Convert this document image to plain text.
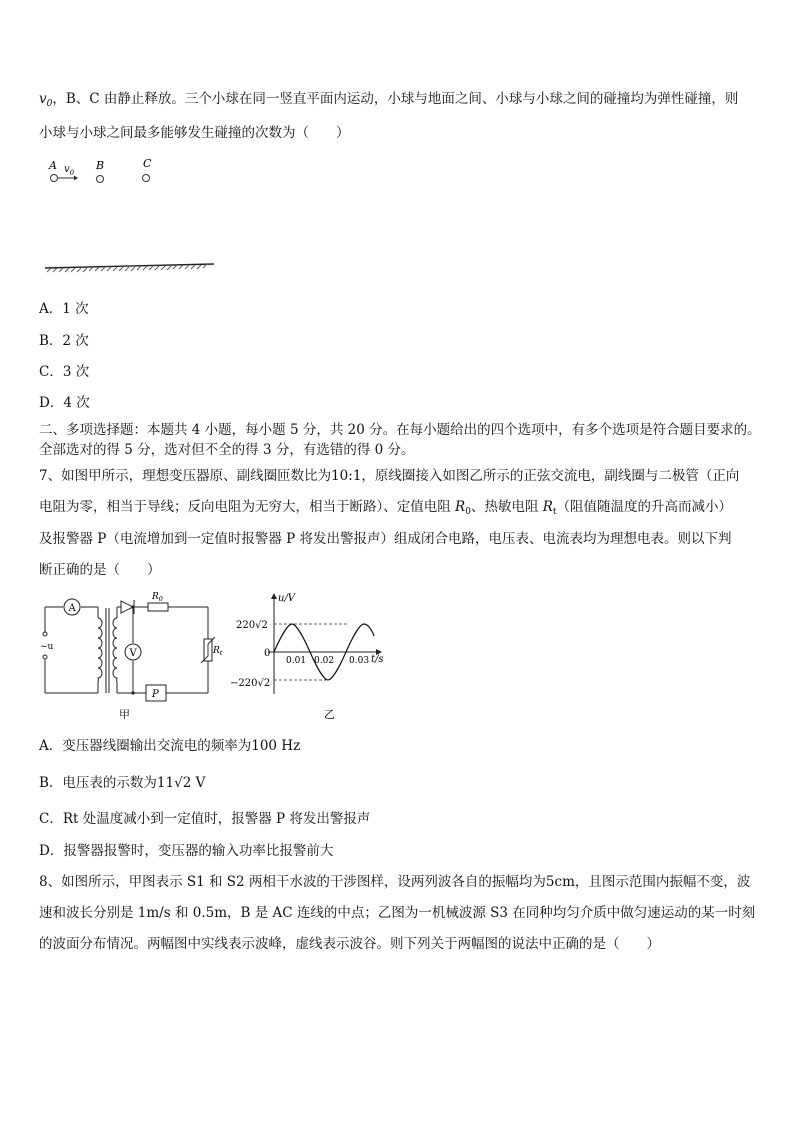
$v_0$，B、C 由静止释放。三个小球在同一竖直平面内运动，小球与地面之间、小球与小球之间的碰撞均为弹性碰撞，则
小球与小球之间最多能够发生碰撞的次数为（　　）
A $v_0$
B	C
A．1 次
B．2 次
C．3 次
D．4 次
二、多项选择题：本题共 4 小题，每小题 5 分，共 20 分。在每小题给出的四个选项中，有多个选项是符合题目要求的。
全部选对的得 5 分，选对但不全的得 3 分，有选错的得 0 分。
7、如图甲所示，理想变压器原、副线圈匝数比为10:1，原线圈接入如图乙所示的正弦交流电，副线圈与二极管（正向
电阻为零，相当于导线；反向电阻为无穷大，相当于断路）、定值电阻 $R_0$、热敏电阻 $R_t$（阻值随温度的升高而减小）
及报警器 P（电流增加到一定值时报警器 P 将发出警报声）组成闭合电路，电压表、电流表均为理想电表。则以下判
断正确的是（　　）
~u
A
$R_0$
V	$R_t$
P
甲
u/V
t/s
220√2
−220√2
0
0.01 0.02 0.03
乙
A．变压器线圈输出交流电的频率为100 Hz
B．电压表的示数为11√2 V
C．Rt 处温度减小到一定值时，报警器 P 将发出警报声
D．报警器报警时，变压器的输入功率比报警前大
8、如图所示，甲图表示 S1 和 S2 两相干水波的干涉图样，设两列波各自的振幅均为5cm，且图示范围内振幅不变，波
速和波长分别是 1m/s 和 0.5m，B 是 AC 连线的中点；乙图为一机械波源 S3 在同种均匀介质中做匀速运动的某一时刻
的波面分布情况。两幅图中实线表示波峰，虚线表示波谷。则下列关于两幅图的说法中正确的是（　　）
